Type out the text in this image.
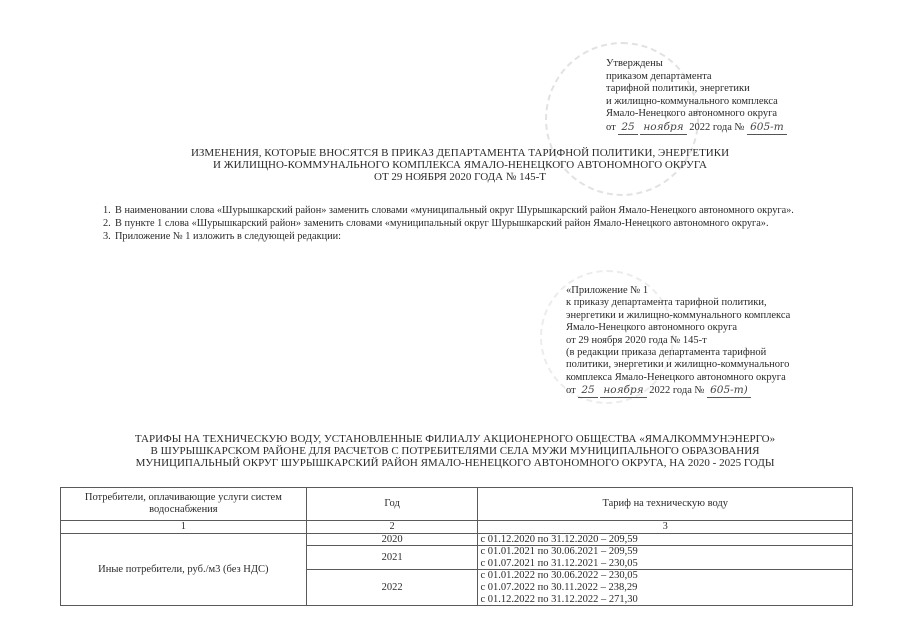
Утверждены
приказом департамента
тарифной политики, энергетики
и жилищно-коммунального комплекса
Ямало-Ненецкого автономного округа
от 25 ноября 2022 года № 605-т
ИЗМЕНЕНИЯ, КОТОРЫЕ ВНОСЯТСЯ В ПРИКАЗ ДЕПАРТАМЕНТА ТАРИФНОЙ ПОЛИТИКИ, ЭНЕРГЕТИКИ
И ЖИЛИЩНО-КОММУНАЛЬНОГО КОМПЛЕКСА ЯМАЛО-НЕНЕЦКОГО АВТОНОМНОГО ОКРУГА
ОТ 29 НОЯБРЯ 2020 ГОДА № 145-Т
1. В наименовании слова «Шурышкарский район» заменить словами «муниципальный округ Шурышкарский район Ямало-Ненецкого автономного округа».
2. В пункте 1 слова «Шурышкарский район» заменить словами «муниципальный округ Шурышкарский район Ямало-Ненецкого автономного округа».
3. Приложение № 1 изложить в следующей редакции:
«Приложение № 1
к приказу департамента тарифной политики,
энергетики и жилищно-коммунального комплекса
Ямало-Ненецкого автономного округа
от 29 ноября 2020 года № 145-т
(в редакции приказа департамента тарифной
политики, энергетики и жилищно-коммунального
комплекса Ямало-Ненецкого автономного округа
от 25 ноября 2022 года № 605-т)
ТАРИФЫ НА ТЕХНИЧЕСКУЮ ВОДУ, УСТАНОВЛЕННЫЕ ФИЛИАЛУ АКЦИОНЕРНОГО ОБЩЕСТВА «ЯМАЛКОММУНЭНЕРГО»
В ШУРЫШКАРСКОМ РАЙОНЕ ДЛЯ РАСЧЕТОВ С ПОТРЕБИТЕЛЯМИ СЕЛА МУЖИ МУНИЦИПАЛЬНОГО ОБРАЗОВАНИЯ
МУНИЦИПАЛЬНЫЙ ОКРУГ ШУРЫШКАРСКИЙ РАЙОН ЯМАЛО-НЕНЕЦКОГО АВТОНОМНОГО ОКРУГА, НА 2020 - 2025 ГОДЫ
Потребители, оплачивающие услуги систем водоснабжения	Год	Тариф на техническую воду
1	2	3
Иные потребители, руб./м3 (без НДС)	2020	с 01.12.2020 по 31.12.2020 – 209,59

	2021	с 01.01.2021 по 30.06.2021 – 209,59
с 01.07.2021 по 31.12.2021 – 230,05

	2022	с 01.01.2022 по 30.06.2022 – 230,05
с 01.07.2022 по 30.11.2022 – 238,29
с 01.12.2022 по 31.12.2022 – 271,30
